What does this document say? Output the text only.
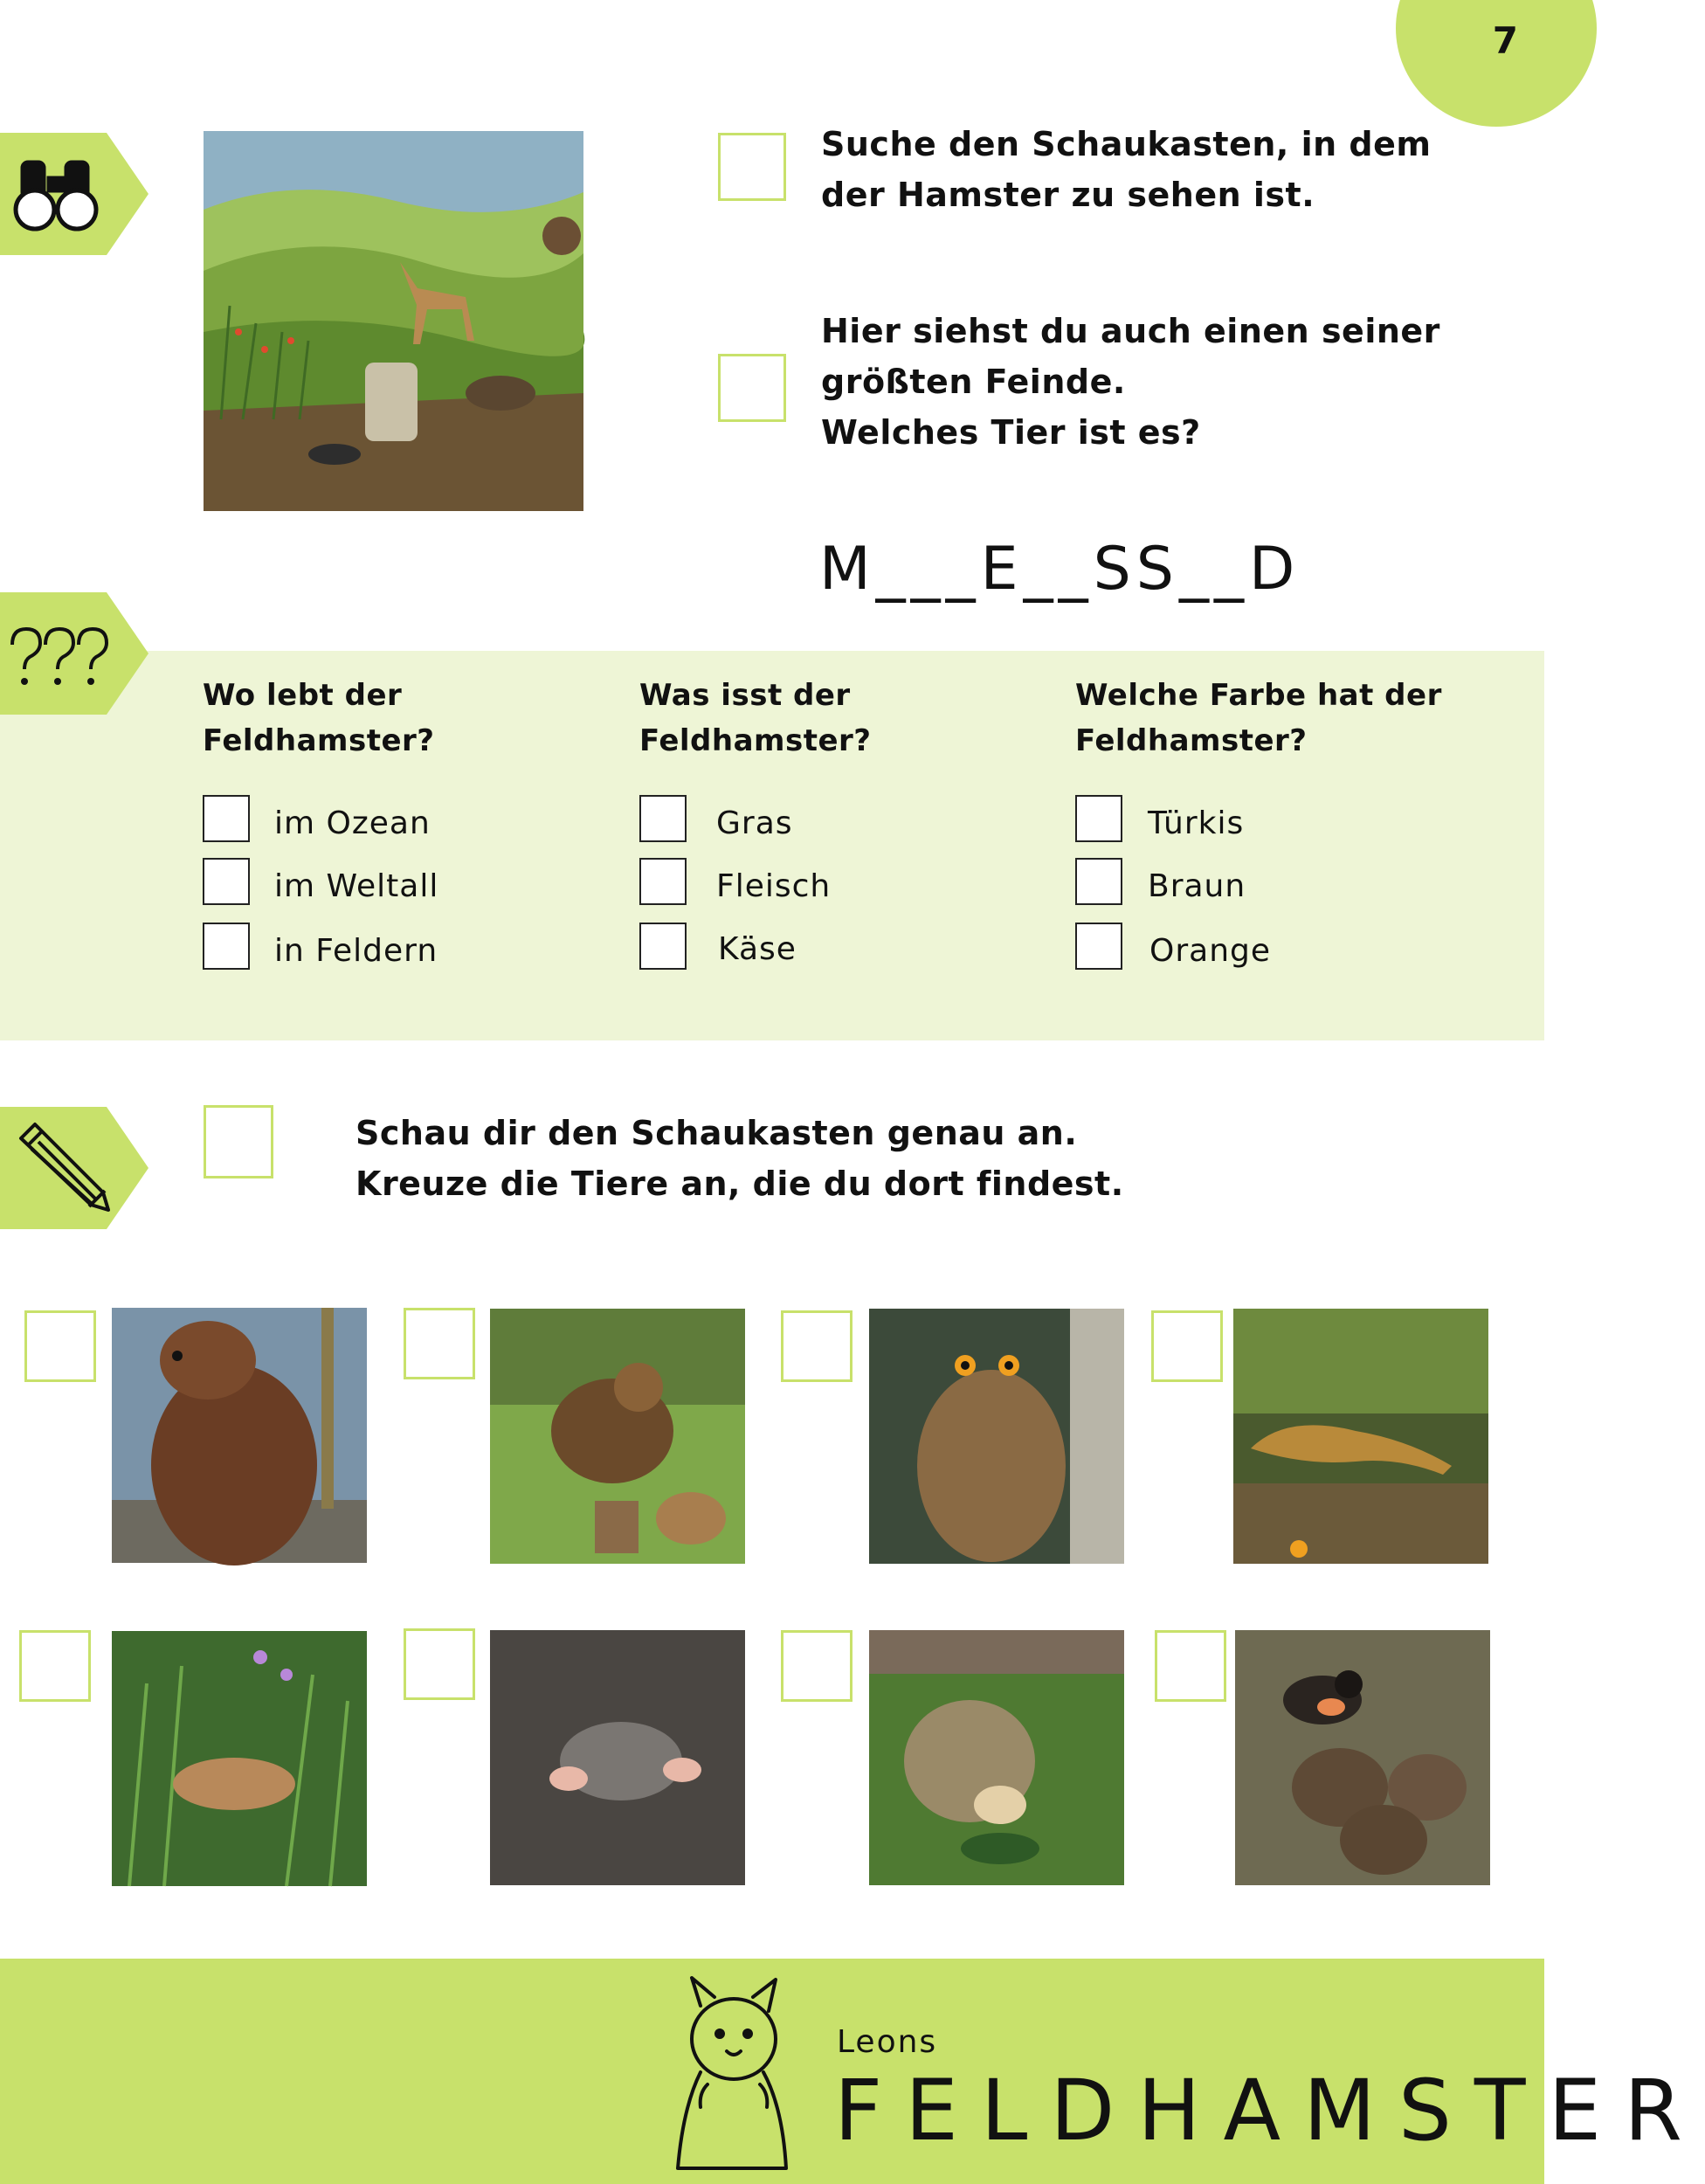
7
Suche den Schaukasten, in dem
der Hamster zu sehen ist.
Hier siehst du auch einen seiner
größten Feinde.
Welches Tier ist es?
M___E__SS__D
Wo lebt der
Feldhamster?
im Ozean
im Weltall
in Feldern
Was isst der
Feldhamster?
Gras
Fleisch
Käse
Welche Farbe hat der
Feldhamster?
Türkis
Braun
Orange
Schau dir den Schaukasten genau an.
Kreuze die Tiere an, die du dort findest.
Leons
FELDHAMSTER
